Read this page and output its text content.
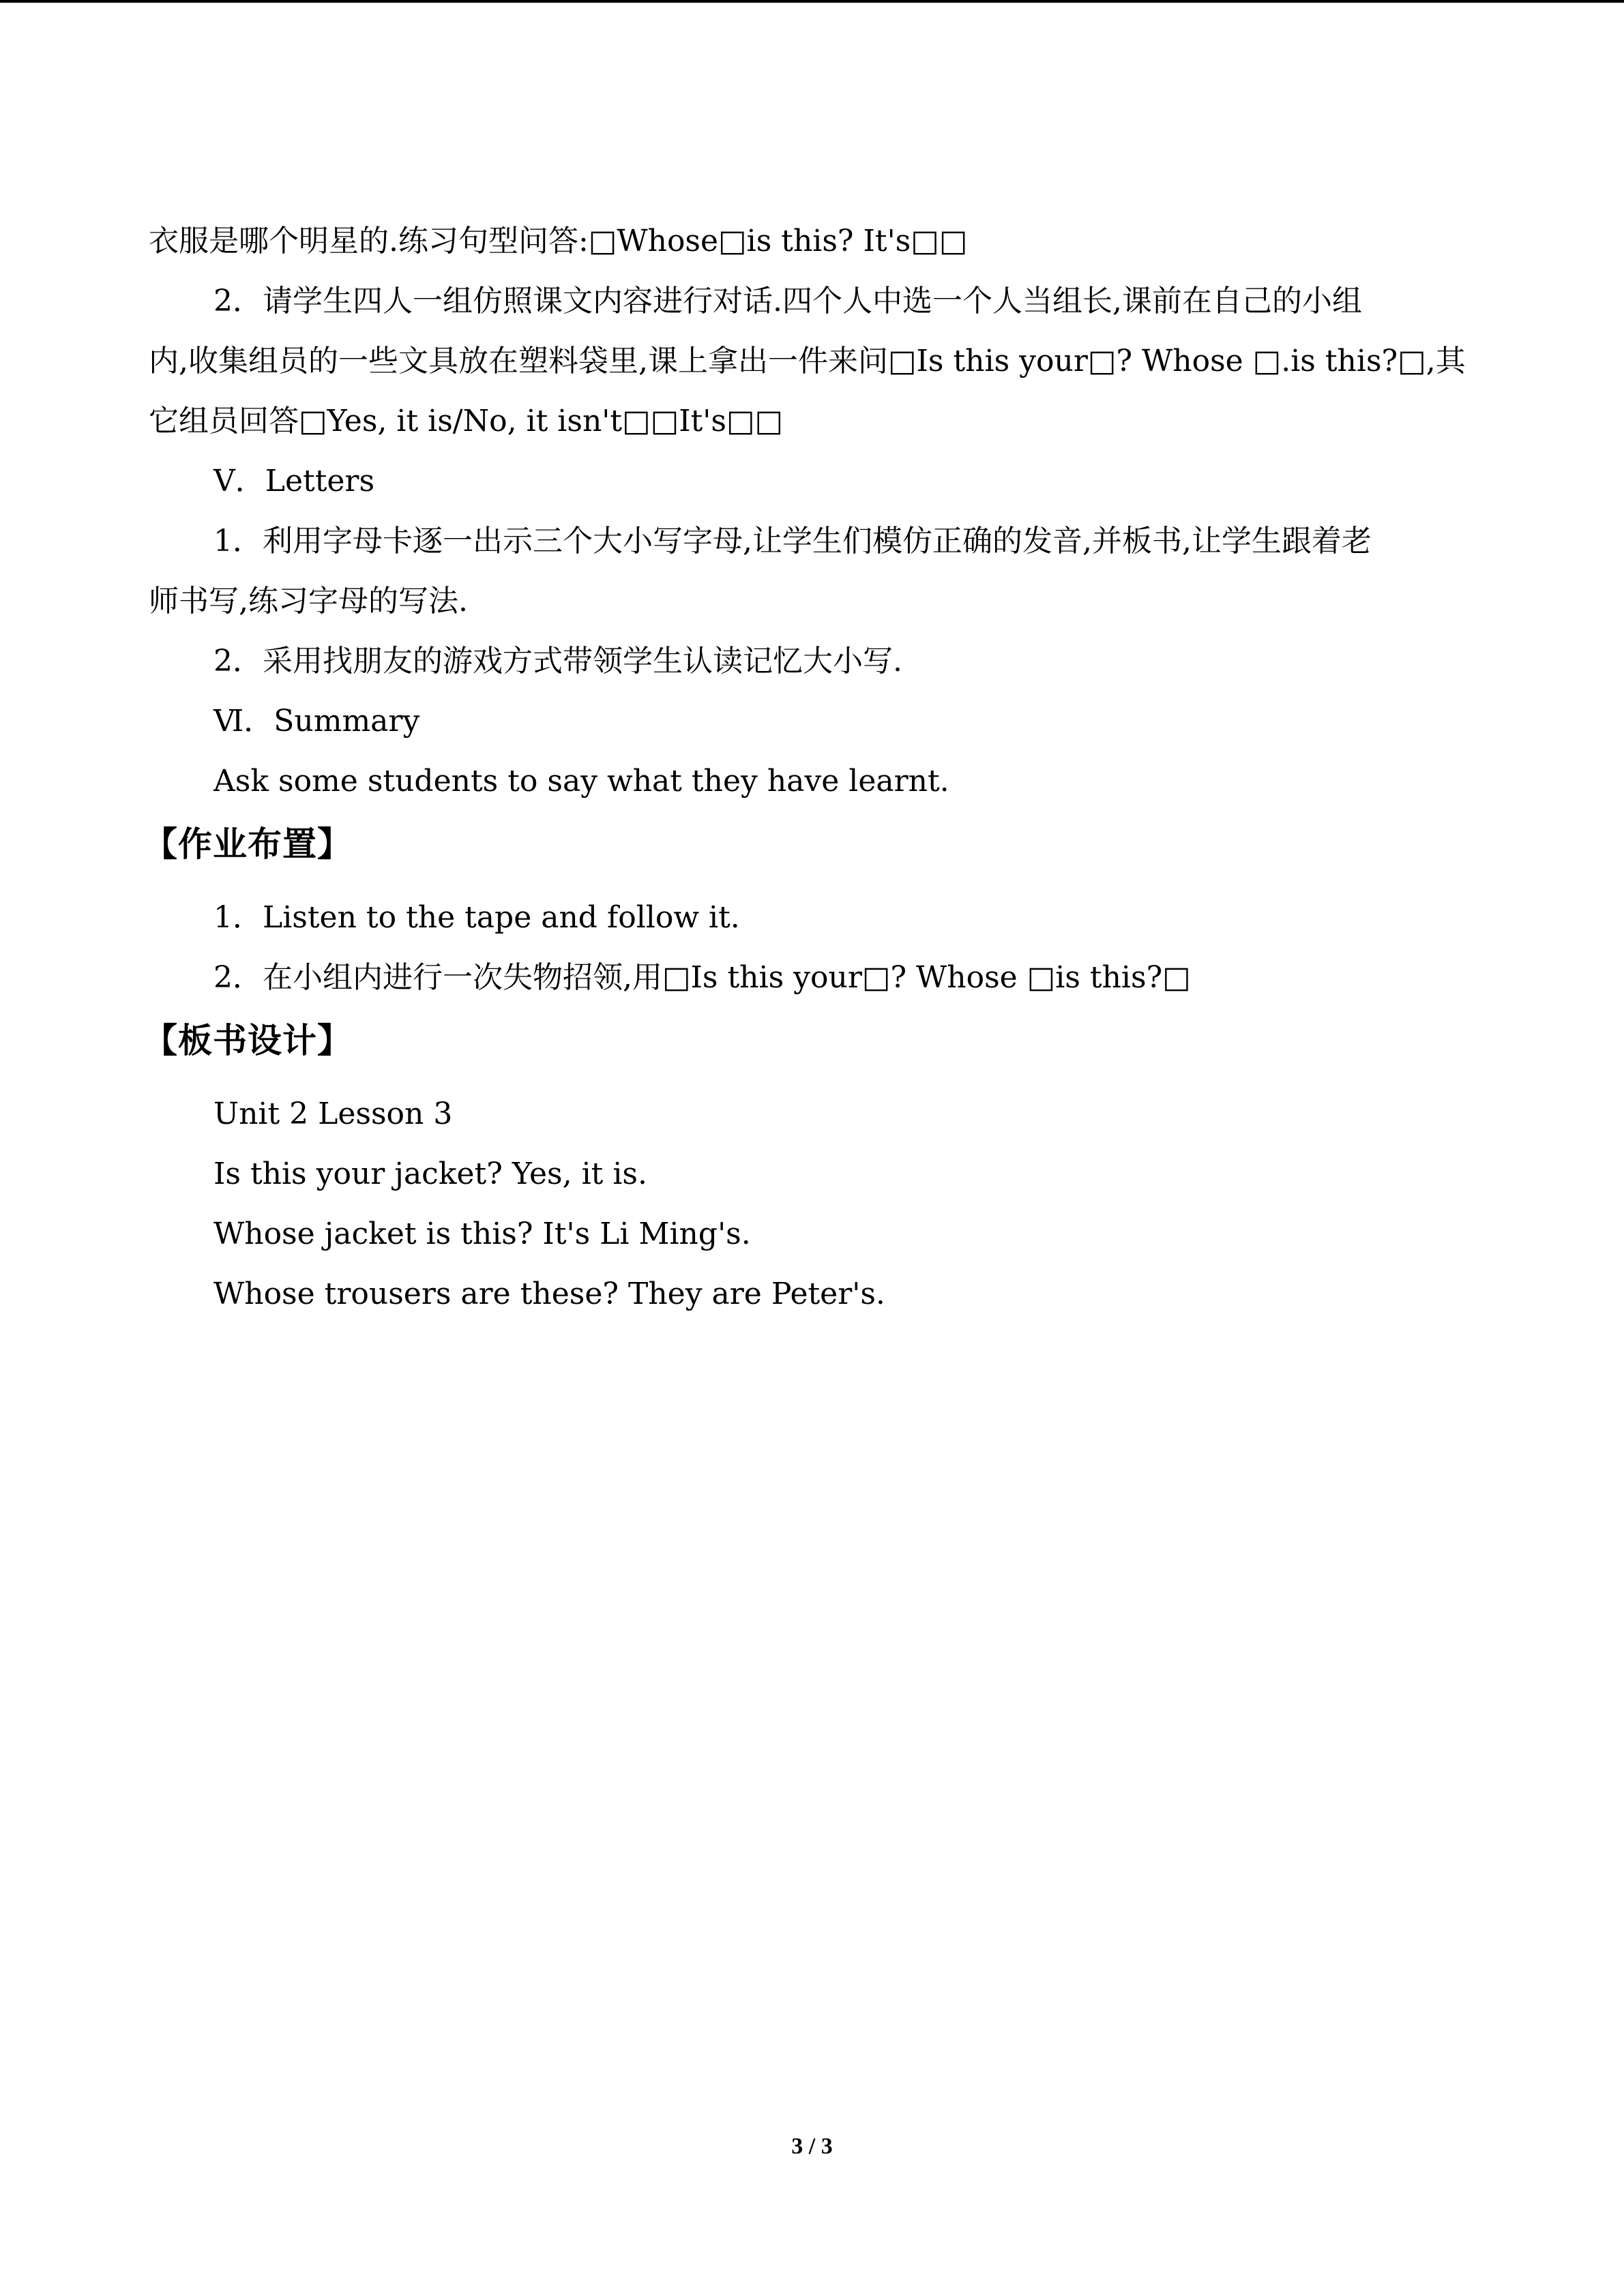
衣服是哪个明星的.练习句型问答:□Whose□is this? It's□□

2．请学生四人一组仿照课文内容进行对话.四个人中选一个人当组长,课前在自己的小组

内,收集组员的一些文具放在塑料袋里,课上拿出一件来问□Is this your□? Whose □.is this?□,其

它组员回答□Yes, it is/No, it isn't□□It's□□

Ⅴ．Letters

1．利用字母卡逐一出示三个大小写字母,让学生们模仿正确的发音,并板书,让学生跟着老

师书写,练习字母的写法.

2．采用找朋友的游戏方式带领学生认读记忆大小写.

Ⅵ．Summary

Ask some students to say what they have learnt.

【作业布置】

1．Listen to the tape and follow it.

2．在小组内进行一次失物招领,用□Is this your□? Whose □is this?□

【板书设计】

Unit 2 Lesson 3

Is this your jacket? Yes, it is.

Whose jacket is this? It's Li Ming's.

Whose trousers are these? They are Peter's.

3 / 3
